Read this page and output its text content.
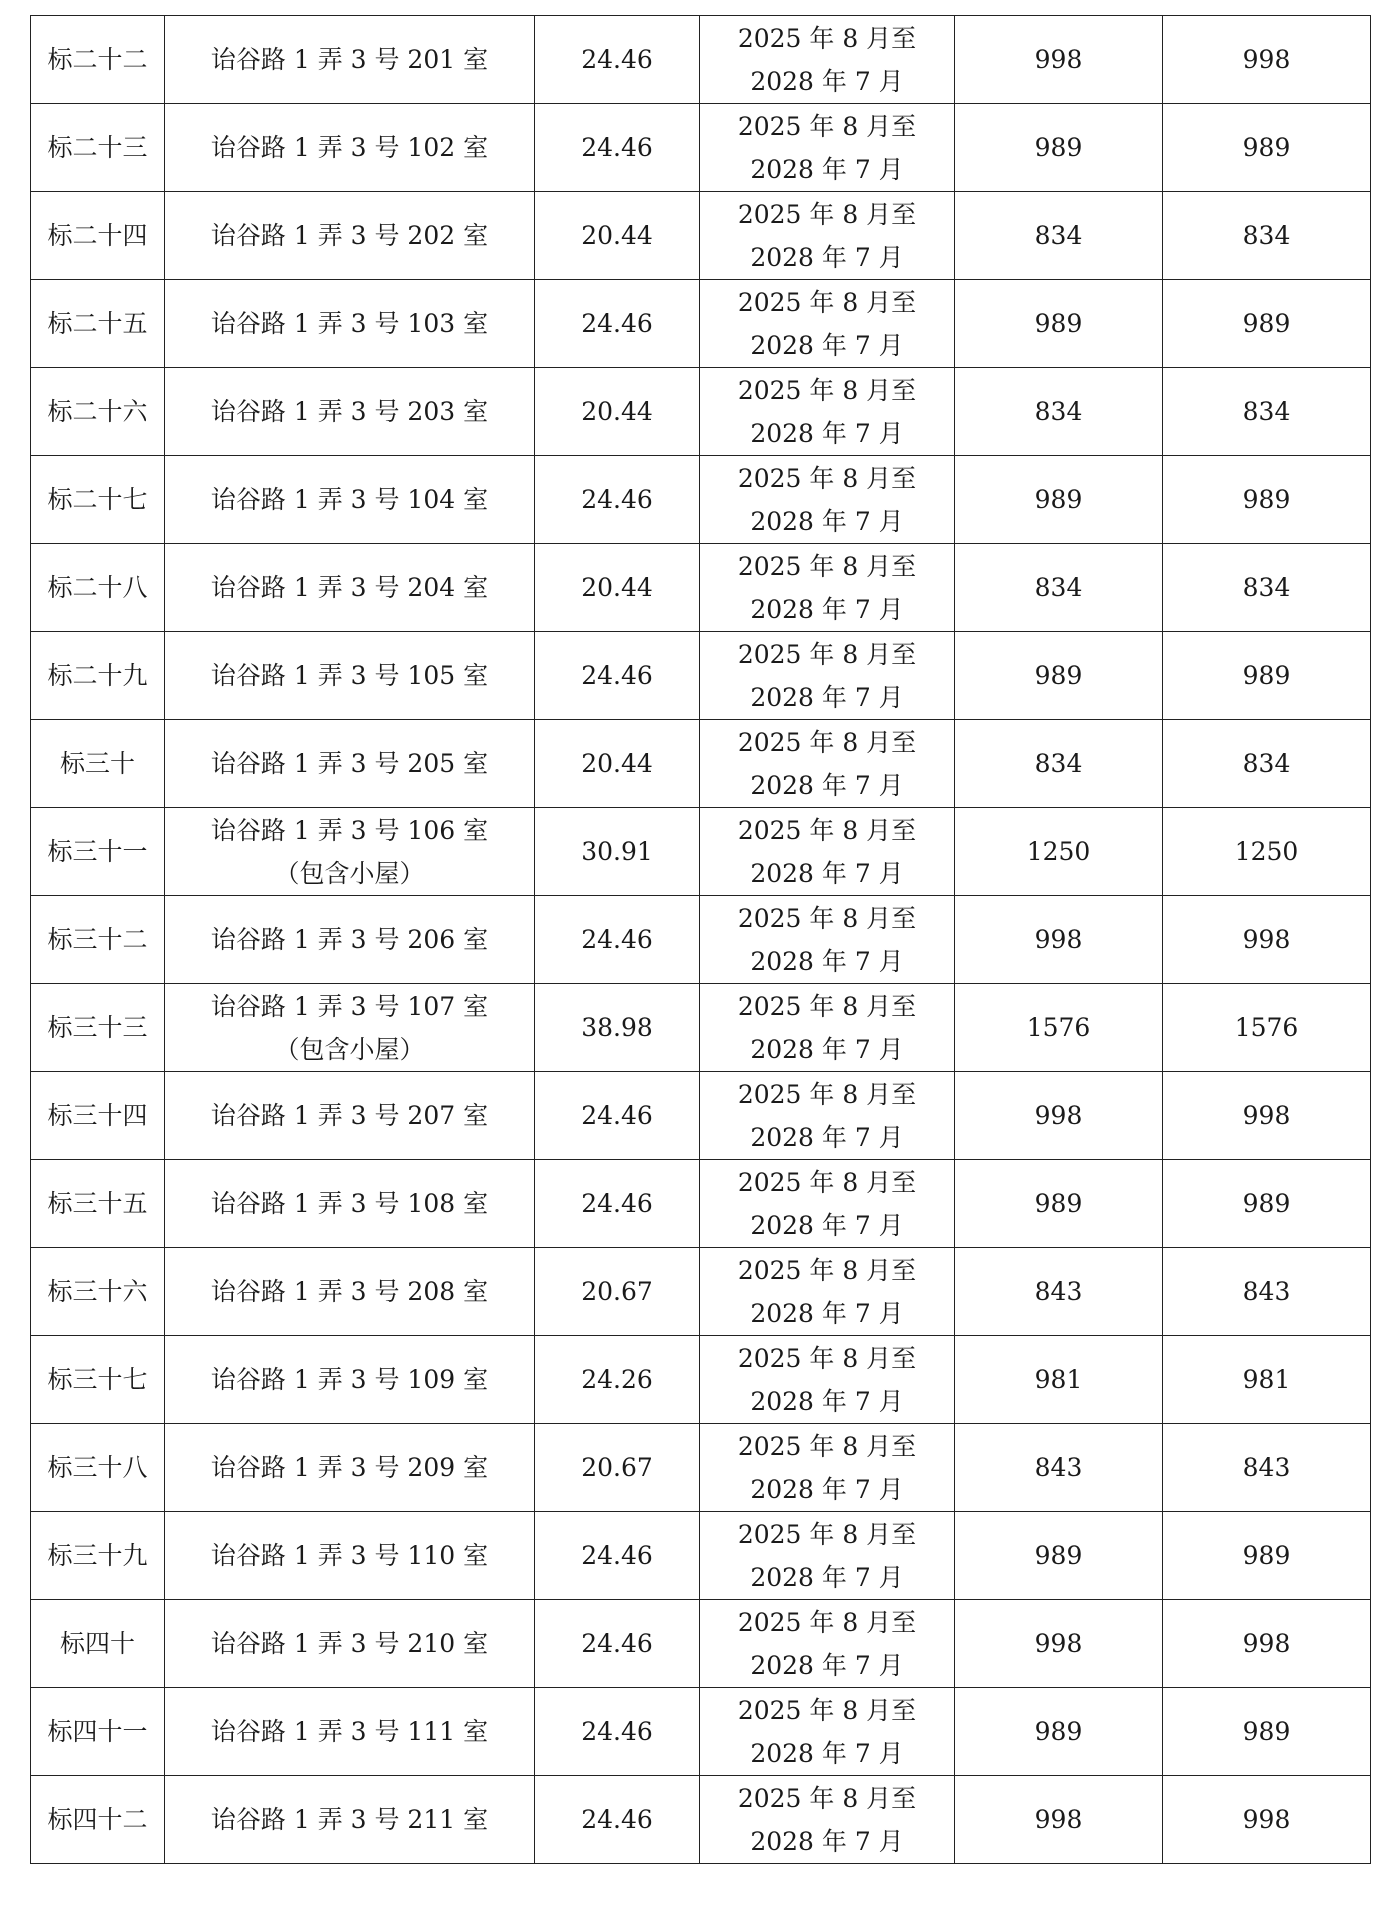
标二十二	诒谷路 1 弄 3 号 201 室	24.46	2025 年 8 月至
2028 年 7 月	998	998
标二十三	诒谷路 1 弄 3 号 102 室	24.46	2025 年 8 月至
2028 年 7 月	989	989
标二十四	诒谷路 1 弄 3 号 202 室	20.44	2025 年 8 月至
2028 年 7 月	834	834
标二十五	诒谷路 1 弄 3 号 103 室	24.46	2025 年 8 月至
2028 年 7 月	989	989
标二十六	诒谷路 1 弄 3 号 203 室	20.44	2025 年 8 月至
2028 年 7 月	834	834
标二十七	诒谷路 1 弄 3 号 104 室	24.46	2025 年 8 月至
2028 年 7 月	989	989
标二十八	诒谷路 1 弄 3 号 204 室	20.44	2025 年 8 月至
2028 年 7 月	834	834
标二十九	诒谷路 1 弄 3 号 105 室	24.46	2025 年 8 月至
2028 年 7 月	989	989
标三十	诒谷路 1 弄 3 号 205 室	20.44	2025 年 8 月至
2028 年 7 月	834	834
标三十一	诒谷路 1 弄 3 号 106 室
（包含小屋）	30.91	2025 年 8 月至
2028 年 7 月	1250	1250
标三十二	诒谷路 1 弄 3 号 206 室	24.46	2025 年 8 月至
2028 年 7 月	998	998
标三十三	诒谷路 1 弄 3 号 107 室
（包含小屋）	38.98	2025 年 8 月至
2028 年 7 月	1576	1576
标三十四	诒谷路 1 弄 3 号 207 室	24.46	2025 年 8 月至
2028 年 7 月	998	998
标三十五	诒谷路 1 弄 3 号 108 室	24.46	2025 年 8 月至
2028 年 7 月	989	989
标三十六	诒谷路 1 弄 3 号 208 室	20.67	2025 年 8 月至
2028 年 7 月	843	843
标三十七	诒谷路 1 弄 3 号 109 室	24.26	2025 年 8 月至
2028 年 7 月	981	981
标三十八	诒谷路 1 弄 3 号 209 室	20.67	2025 年 8 月至
2028 年 7 月	843	843
标三十九	诒谷路 1 弄 3 号 110 室	24.46	2025 年 8 月至
2028 年 7 月	989	989
标四十	诒谷路 1 弄 3 号 210 室	24.46	2025 年 8 月至
2028 年 7 月	998	998
标四十一	诒谷路 1 弄 3 号 111 室	24.46	2025 年 8 月至
2028 年 7 月	989	989
标四十二	诒谷路 1 弄 3 号 211 室	24.46	2025 年 8 月至
2028 年 7 月	998	998
